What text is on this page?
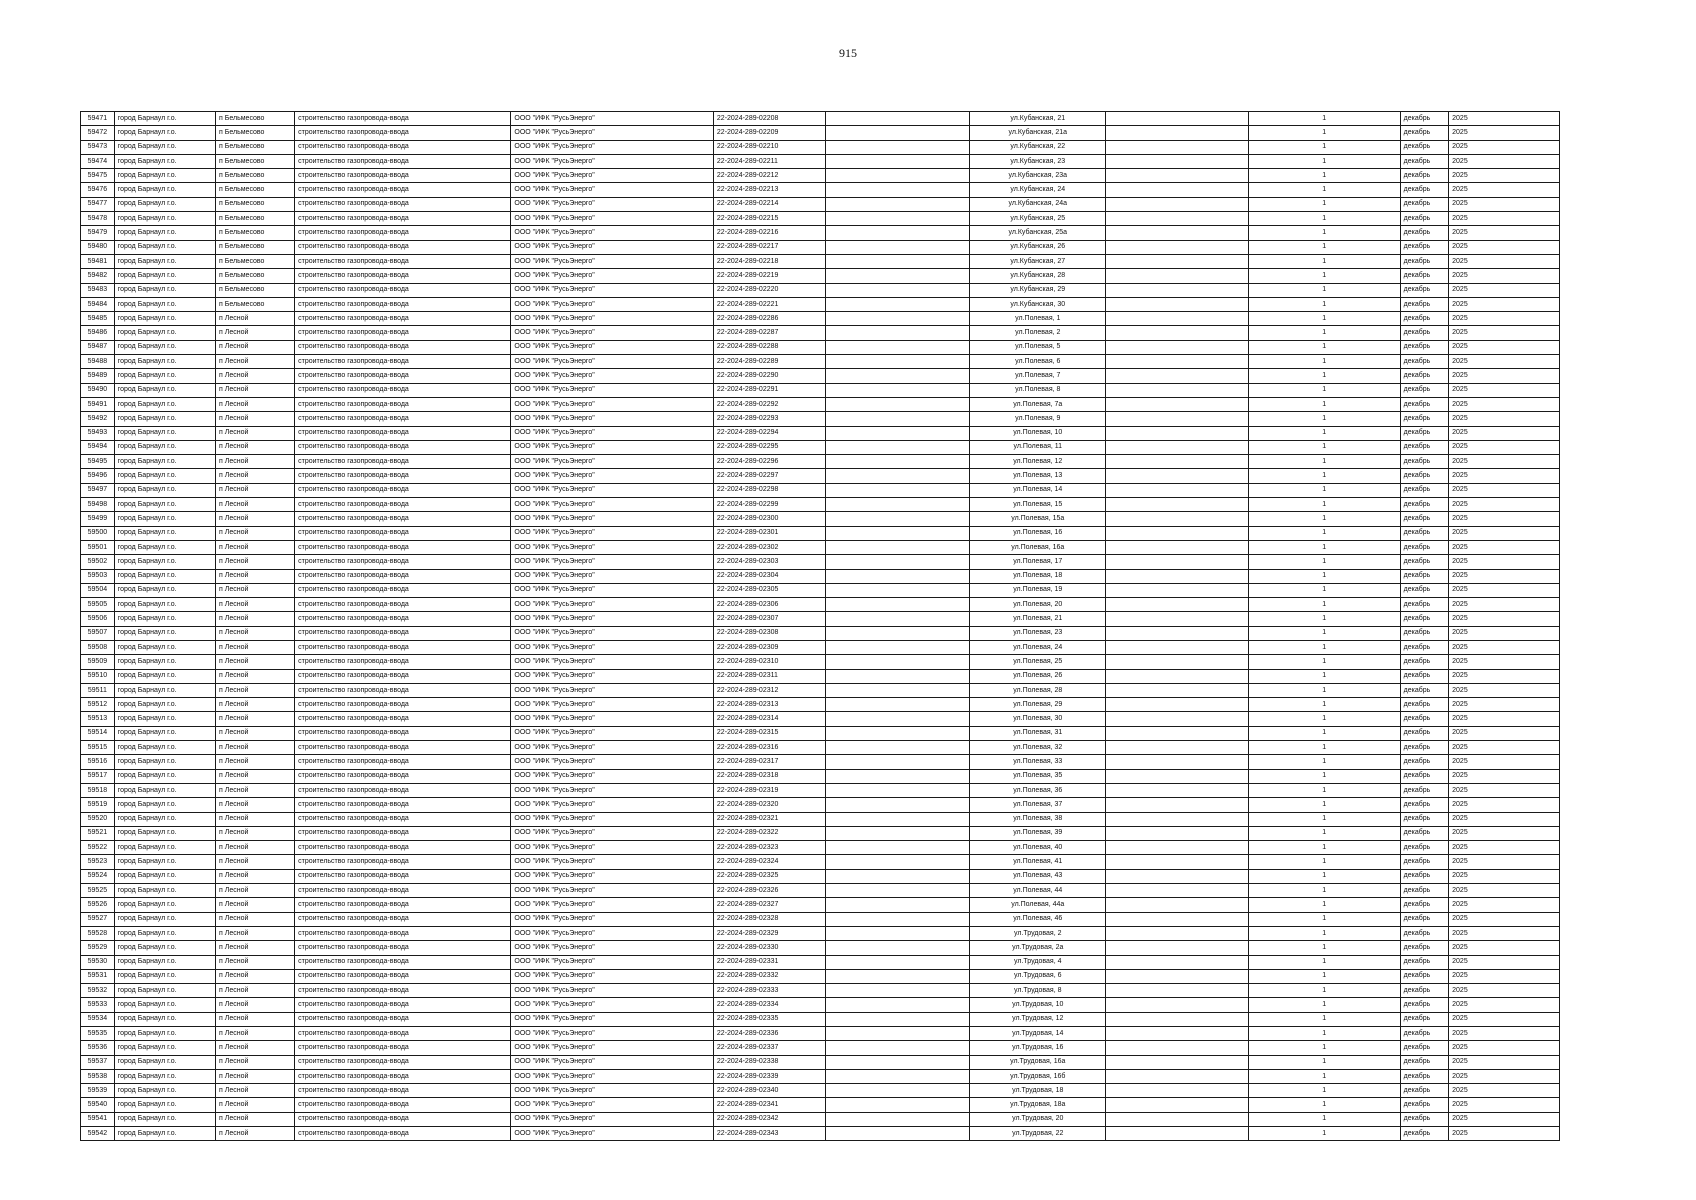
915
59471	город Барнаул г.о.	п Бельмесово	строительство газопровода-ввода	ООО "ИФК "РусьЭнерго"	22-2024-289-02208		ул.Кубанская, 21		1	декабрь	2025
59472	город Барнаул г.о.	п Бельмесово	строительство газопровода-ввода	ООО "ИФК "РусьЭнерго"	22-2024-289-02209		ул.Кубанская, 21а		1	декабрь	2025
59473	город Барнаул г.о.	п Бельмесово	строительство газопровода-ввода	ООО "ИФК "РусьЭнерго"	22-2024-289-02210		ул.Кубанская, 22		1	декабрь	2025
59474	город Барнаул г.о.	п Бельмесово	строительство газопровода-ввода	ООО "ИФК "РусьЭнерго"	22-2024-289-02211		ул.Кубанская, 23		1	декабрь	2025
59475	город Барнаул г.о.	п Бельмесово	строительство газопровода-ввода	ООО "ИФК "РусьЭнерго"	22-2024-289-02212		ул.Кубанская, 23а		1	декабрь	2025
59476	город Барнаул г.о.	п Бельмесово	строительство газопровода-ввода	ООО "ИФК "РусьЭнерго"	22-2024-289-02213		ул.Кубанская, 24		1	декабрь	2025
59477	город Барнаул г.о.	п Бельмесово	строительство газопровода-ввода	ООО "ИФК "РусьЭнерго"	22-2024-289-02214		ул.Кубанская, 24а		1	декабрь	2025
59478	город Барнаул г.о.	п Бельмесово	строительство газопровода-ввода	ООО "ИФК "РусьЭнерго"	22-2024-289-02215		ул.Кубанская, 25		1	декабрь	2025
59479	город Барнаул г.о.	п Бельмесово	строительство газопровода-ввода	ООО "ИФК "РусьЭнерго"	22-2024-289-02216		ул.Кубанская, 25а		1	декабрь	2025
59480	город Барнаул г.о.	п Бельмесово	строительство газопровода-ввода	ООО "ИФК "РусьЭнерго"	22-2024-289-02217		ул.Кубанская, 26		1	декабрь	2025
59481	город Барнаул г.о.	п Бельмесово	строительство газопровода-ввода	ООО "ИФК "РусьЭнерго"	22-2024-289-02218		ул.Кубанская, 27		1	декабрь	2025
59482	город Барнаул г.о.	п Бельмесово	строительство газопровода-ввода	ООО "ИФК "РусьЭнерго"	22-2024-289-02219		ул.Кубанская, 28		1	декабрь	2025
59483	город Барнаул г.о.	п Бельмесово	строительство газопровода-ввода	ООО "ИФК "РусьЭнерго"	22-2024-289-02220		ул.Кубанская, 29		1	декабрь	2025
59484	город Барнаул г.о.	п Бельмесово	строительство газопровода-ввода	ООО "ИФК "РусьЭнерго"	22-2024-289-02221		ул.Кубанская, 30		1	декабрь	2025
59485	город Барнаул г.о.	п Лесной	строительство газопровода-ввода	ООО "ИФК "РусьЭнерго"	22-2024-289-02286		ул.Полевая, 1		1	декабрь	2025
59486	город Барнаул г.о.	п Лесной	строительство газопровода-ввода	ООО "ИФК "РусьЭнерго"	22-2024-289-02287		ул.Полевая, 2		1	декабрь	2025
59487	город Барнаул г.о.	п Лесной	строительство газопровода-ввода	ООО "ИФК "РусьЭнерго"	22-2024-289-02288		ул.Полевая, 5		1	декабрь	2025
59488	город Барнаул г.о.	п Лесной	строительство газопровода-ввода	ООО "ИФК "РусьЭнерго"	22-2024-289-02289		ул.Полевая, 6		1	декабрь	2025
59489	город Барнаул г.о.	п Лесной	строительство газопровода-ввода	ООО "ИФК "РусьЭнерго"	22-2024-289-02290		ул.Полевая, 7		1	декабрь	2025
59490	город Барнаул г.о.	п Лесной	строительство газопровода-ввода	ООО "ИФК "РусьЭнерго"	22-2024-289-02291		ул.Полевая, 8		1	декабрь	2025
59491	город Барнаул г.о.	п Лесной	строительство газопровода-ввода	ООО "ИФК "РусьЭнерго"	22-2024-289-02292		ул.Полевая, 7а		1	декабрь	2025
59492	город Барнаул г.о.	п Лесной	строительство газопровода-ввода	ООО "ИФК "РусьЭнерго"	22-2024-289-02293		ул.Полевая, 9		1	декабрь	2025
59493	город Барнаул г.о.	п Лесной	строительство газопровода-ввода	ООО "ИФК "РусьЭнерго"	22-2024-289-02294		ул.Полевая, 10		1	декабрь	2025
59494	город Барнаул г.о.	п Лесной	строительство газопровода-ввода	ООО "ИФК "РусьЭнерго"	22-2024-289-02295		ул.Полевая, 11		1	декабрь	2025
59495	город Барнаул г.о.	п Лесной	строительство газопровода-ввода	ООО "ИФК "РусьЭнерго"	22-2024-289-02296		ул.Полевая, 12		1	декабрь	2025
59496	город Барнаул г.о.	п Лесной	строительство газопровода-ввода	ООО "ИФК "РусьЭнерго"	22-2024-289-02297		ул.Полевая, 13		1	декабрь	2025
59497	город Барнаул г.о.	п Лесной	строительство газопровода-ввода	ООО "ИФК "РусьЭнерго"	22-2024-289-02298		ул.Полевая, 14		1	декабрь	2025
59498	город Барнаул г.о.	п Лесной	строительство газопровода-ввода	ООО "ИФК "РусьЭнерго"	22-2024-289-02299		ул.Полевая, 15		1	декабрь	2025
59499	город Барнаул г.о.	п Лесной	строительство газопровода-ввода	ООО "ИФК "РусьЭнерго"	22-2024-289-02300		ул.Полевая, 15а		1	декабрь	2025
59500	город Барнаул г.о.	п Лесной	строительство газопровода-ввода	ООО "ИФК "РусьЭнерго"	22-2024-289-02301		ул.Полевая, 16		1	декабрь	2025
59501	город Барнаул г.о.	п Лесной	строительство газопровода-ввода	ООО "ИФК "РусьЭнерго"	22-2024-289-02302		ул.Полевая, 16а		1	декабрь	2025
59502	город Барнаул г.о.	п Лесной	строительство газопровода-ввода	ООО "ИФК "РусьЭнерго"	22-2024-289-02303		ул.Полевая, 17		1	декабрь	2025
59503	город Барнаул г.о.	п Лесной	строительство газопровода-ввода	ООО "ИФК "РусьЭнерго"	22-2024-289-02304		ул.Полевая, 18		1	декабрь	2025
59504	город Барнаул г.о.	п Лесной	строительство газопровода-ввода	ООО "ИФК "РусьЭнерго"	22-2024-289-02305		ул.Полевая, 19		1	декабрь	2025
59505	город Барнаул г.о.	п Лесной	строительство газопровода-ввода	ООО "ИФК "РусьЭнерго"	22-2024-289-02306		ул.Полевая, 20		1	декабрь	2025
59506	город Барнаул г.о.	п Лесной	строительство газопровода-ввода	ООО "ИФК "РусьЭнерго"	22-2024-289-02307		ул.Полевая, 21		1	декабрь	2025
59507	город Барнаул г.о.	п Лесной	строительство газопровода-ввода	ООО "ИФК "РусьЭнерго"	22-2024-289-02308		ул.Полевая, 23		1	декабрь	2025
59508	город Барнаул г.о.	п Лесной	строительство газопровода-ввода	ООО "ИФК "РусьЭнерго"	22-2024-289-02309		ул.Полевая, 24		1	декабрь	2025
59509	город Барнаул г.о.	п Лесной	строительство газопровода-ввода	ООО "ИФК "РусьЭнерго"	22-2024-289-02310		ул.Полевая, 25		1	декабрь	2025
59510	город Барнаул г.о.	п Лесной	строительство газопровода-ввода	ООО "ИФК "РусьЭнерго"	22-2024-289-02311		ул.Полевая, 26		1	декабрь	2025
59511	город Барнаул г.о.	п Лесной	строительство газопровода-ввода	ООО "ИФК "РусьЭнерго"	22-2024-289-02312		ул.Полевая, 28		1	декабрь	2025
59512	город Барнаул г.о.	п Лесной	строительство газопровода-ввода	ООО "ИФК "РусьЭнерго"	22-2024-289-02313		ул.Полевая, 29		1	декабрь	2025
59513	город Барнаул г.о.	п Лесной	строительство газопровода-ввода	ООО "ИФК "РусьЭнерго"	22-2024-289-02314		ул.Полевая, 30		1	декабрь	2025
59514	город Барнаул г.о.	п Лесной	строительство газопровода-ввода	ООО "ИФК "РусьЭнерго"	22-2024-289-02315		ул.Полевая, 31		1	декабрь	2025
59515	город Барнаул г.о.	п Лесной	строительство газопровода-ввода	ООО "ИФК "РусьЭнерго"	22-2024-289-02316		ул.Полевая, 32		1	декабрь	2025
59516	город Барнаул г.о.	п Лесной	строительство газопровода-ввода	ООО "ИФК "РусьЭнерго"	22-2024-289-02317		ул.Полевая, 33		1	декабрь	2025
59517	город Барнаул г.о.	п Лесной	строительство газопровода-ввода	ООО "ИФК "РусьЭнерго"	22-2024-289-02318		ул.Полевая, 35		1	декабрь	2025
59518	город Барнаул г.о.	п Лесной	строительство газопровода-ввода	ООО "ИФК "РусьЭнерго"	22-2024-289-02319		ул.Полевая, 36		1	декабрь	2025
59519	город Барнаул г.о.	п Лесной	строительство газопровода-ввода	ООО "ИФК "РусьЭнерго"	22-2024-289-02320		ул.Полевая, 37		1	декабрь	2025
59520	город Барнаул г.о.	п Лесной	строительство газопровода-ввода	ООО "ИФК "РусьЭнерго"	22-2024-289-02321		ул.Полевая, 38		1	декабрь	2025
59521	город Барнаул г.о.	п Лесной	строительство газопровода-ввода	ООО "ИФК "РусьЭнерго"	22-2024-289-02322		ул.Полевая, 39		1	декабрь	2025
59522	город Барнаул г.о.	п Лесной	строительство газопровода-ввода	ООО "ИФК "РусьЭнерго"	22-2024-289-02323		ул.Полевая, 40		1	декабрь	2025
59523	город Барнаул г.о.	п Лесной	строительство газопровода-ввода	ООО "ИФК "РусьЭнерго"	22-2024-289-02324		ул.Полевая, 41		1	декабрь	2025
59524	город Барнаул г.о.	п Лесной	строительство газопровода-ввода	ООО "ИФК "РусьЭнерго"	22-2024-289-02325		ул.Полевая, 43		1	декабрь	2025
59525	город Барнаул г.о.	п Лесной	строительство газопровода-ввода	ООО "ИФК "РусьЭнерго"	22-2024-289-02326		ул.Полевая, 44		1	декабрь	2025
59526	город Барнаул г.о.	п Лесной	строительство газопровода-ввода	ООО "ИФК "РусьЭнерго"	22-2024-289-02327		ул.Полевая, 44а		1	декабрь	2025
59527	город Барнаул г.о.	п Лесной	строительство газопровода-ввода	ООО "ИФК "РусьЭнерго"	22-2024-289-02328		ул.Полевая, 46		1	декабрь	2025
59528	город Барнаул г.о.	п Лесной	строительство газопровода-ввода	ООО "ИФК "РусьЭнерго"	22-2024-289-02329		ул.Трудовая, 2		1	декабрь	2025
59529	город Барнаул г.о.	п Лесной	строительство газопровода-ввода	ООО "ИФК "РусьЭнерго"	22-2024-289-02330		ул.Трудовая, 2а		1	декабрь	2025
59530	город Барнаул г.о.	п Лесной	строительство газопровода-ввода	ООО "ИФК "РусьЭнерго"	22-2024-289-02331		ул.Трудовая, 4		1	декабрь	2025
59531	город Барнаул г.о.	п Лесной	строительство газопровода-ввода	ООО "ИФК "РусьЭнерго"	22-2024-289-02332		ул.Трудовая, 6		1	декабрь	2025
59532	город Барнаул г.о.	п Лесной	строительство газопровода-ввода	ООО "ИФК "РусьЭнерго"	22-2024-289-02333		ул.Трудовая, 8		1	декабрь	2025
59533	город Барнаул г.о.	п Лесной	строительство газопровода-ввода	ООО "ИФК "РусьЭнерго"	22-2024-289-02334		ул.Трудовая, 10		1	декабрь	2025
59534	город Барнаул г.о.	п Лесной	строительство газопровода-ввода	ООО "ИФК "РусьЭнерго"	22-2024-289-02335		ул.Трудовая, 12		1	декабрь	2025
59535	город Барнаул г.о.	п Лесной	строительство газопровода-ввода	ООО "ИФК "РусьЭнерго"	22-2024-289-02336		ул.Трудовая, 14		1	декабрь	2025
59536	город Барнаул г.о.	п Лесной	строительство газопровода-ввода	ООО "ИФК "РусьЭнерго"	22-2024-289-02337		ул.Трудовая, 16		1	декабрь	2025
59537	город Барнаул г.о.	п Лесной	строительство газопровода-ввода	ООО "ИФК "РусьЭнерго"	22-2024-289-02338		ул.Трудовая, 16а		1	декабрь	2025
59538	город Барнаул г.о.	п Лесной	строительство газопровода-ввода	ООО "ИФК "РусьЭнерго"	22-2024-289-02339		ул.Трудовая, 16б		1	декабрь	2025
59539	город Барнаул г.о.	п Лесной	строительство газопровода-ввода	ООО "ИФК "РусьЭнерго"	22-2024-289-02340		ул.Трудовая, 18		1	декабрь	2025
59540	город Барнаул г.о.	п Лесной	строительство газопровода-ввода	ООО "ИФК "РусьЭнерго"	22-2024-289-02341		ул.Трудовая, 18а		1	декабрь	2025
59541	город Барнаул г.о.	п Лесной	строительство газопровода-ввода	ООО "ИФК "РусьЭнерго"	22-2024-289-02342		ул.Трудовая, 20		1	декабрь	2025
59542	город Барнаул г.о.	п Лесной	строительство газопровода-ввода	ООО "ИФК "РусьЭнерго"	22-2024-289-02343		ул.Трудовая, 22		1	декабрь	2025
